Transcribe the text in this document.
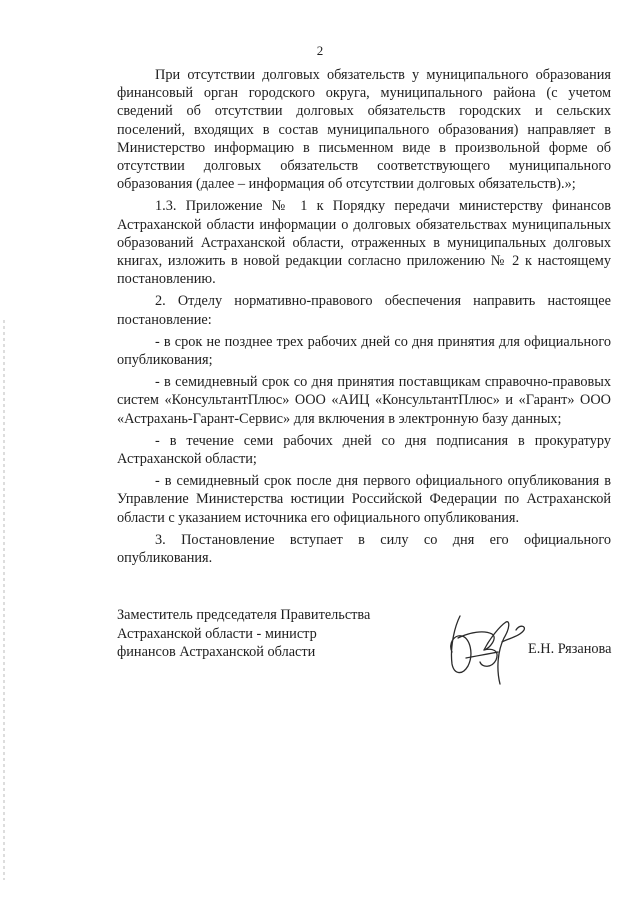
2

При отсутствии долговых обязательств у муниципального образования финансовый орган городского округа, муниципального района (с учетом сведений об отсутствии долговых обязательств городских и сельских поселений, входящих в состав муниципального образования) направляет в Министерство информацию в письменном виде в произвольной форме об отсутствии долговых обязательств соответствующего муниципального образования (далее – информация об отсутствии долговых обязательств).»;

1.3. Приложение № 1 к Порядку передачи министерству финансов Астраханской области информации о долговых обязательствах муниципальных образований Астраханской области, отраженных в муниципальных долговых книгах, изложить в новой редакции согласно приложению № 2 к настоящему постановлению.

2. Отделу нормативно-правового обеспечения направить настоящее постановление:

- в срок не позднее трех рабочих дней со дня принятия для официального опубликования;

- в семидневный срок со дня принятия поставщикам справочно-правовых систем «КонсультантПлюс» ООО «АИЦ «КонсультантПлюс» и «Гарант» ООО «Астрахань-Гарант-Сервис» для включения в электронную базу данных;

- в течение семи рабочих дней со дня подписания в прокуратуру Астраханской области;

- в семидневный срок после дня первого официального опубликования в Управление Министерства юстиции Российской Федерации по Астраханской области с указанием источника его официального опубликования.

3. Постановление вступает в силу со дня его официального опубликования.

Заместитель председателя Правительства
Астраханской области - министр
финансов Астраханской области	Е.Н. Рязанова
